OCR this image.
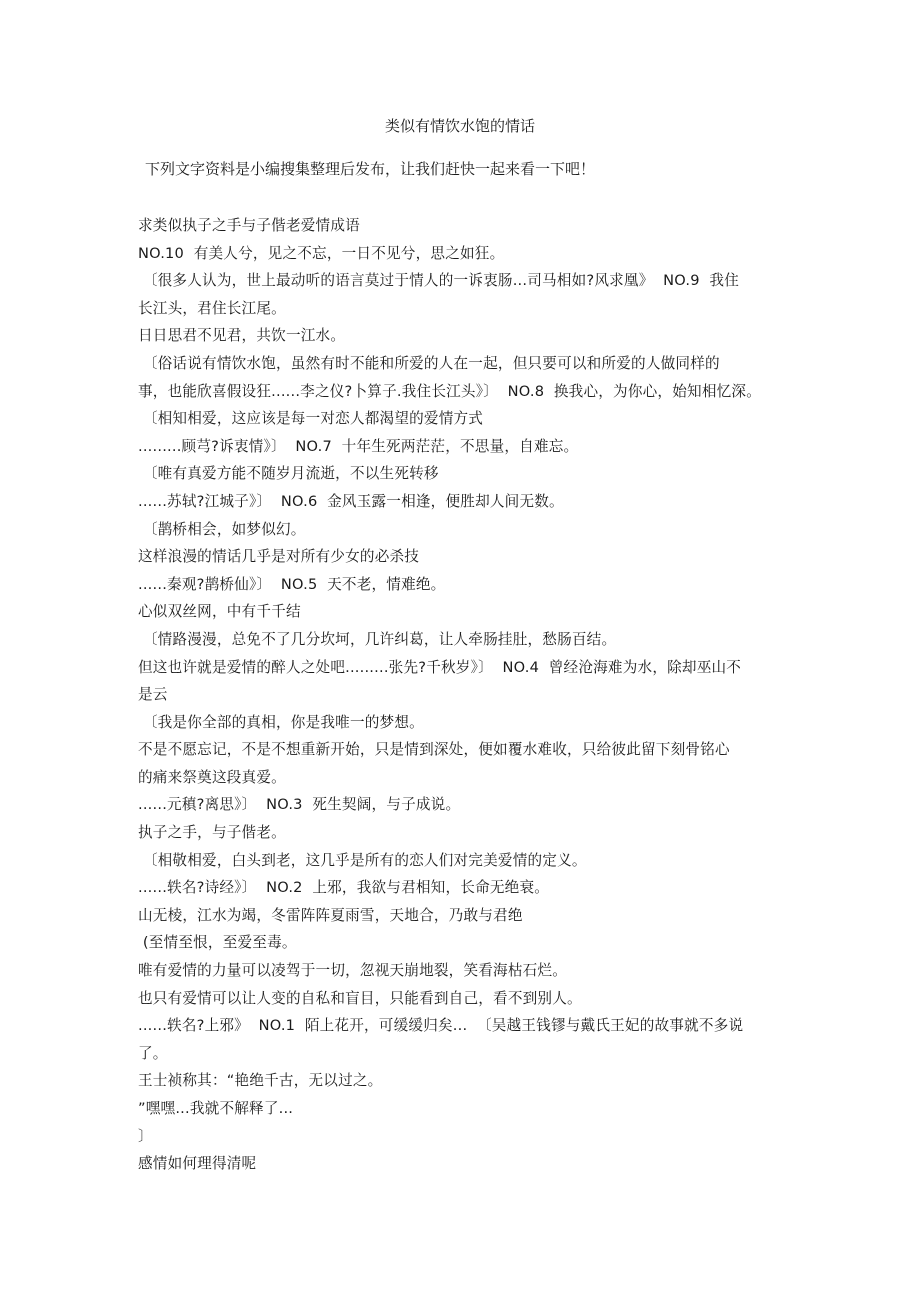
类似有情饮水饱的情话
下列文字资料是小编搜集整理后发布，让我们赶快一起来看一下吧！
求类似执子之手与子偕老爱情成语
NO.10  有美人兮，见之不忘，一日不见兮，思之如狂。
〔很多人认为，世上最动听的语言莫过于情人的一诉衷肠...司马相如?风求凰》  NO.9  我住
长江头，君住长江尾。
日日思君不见君，共饮一江水。
〔俗话说有情饮水饱，虽然有时不能和所爱的人在一起，但只要可以和所爱的人做同样的
事，也能欣喜假设狂......李之仪?卜算子.我住长江头》〕  NO.8  换我心，为你心，始知相忆深。
〔相知相爱，这应该是每一对恋人都渴望的爱情方式
.........顾芎?诉衷情》〕  NO.7  十年生死两茫茫，不思量，自难忘。
〔唯有真爱方能不随岁月流逝，不以生死转移
......苏轼?江城子》〕  NO.6  金风玉露一相逢，便胜却人间无数。
〔鹊桥相会，如梦似幻。
这样浪漫的情话几乎是对所有少女的必杀技
......秦观?鹊桥仙》〕  NO.5  天不老，情难绝。
心似双丝网，中有千千结
〔情路漫漫，总免不了几分坎坷，几许纠葛，让人牵肠挂肚，愁肠百结。
但这也许就是爱情的醉人之处吧.........张先?千秋岁》〕  NO.4  曾经沧海难为水，除却巫山不
是云
〔我是你全部的真相，你是我唯一的梦想。
不是不愿忘记，不是不想重新开始，只是情到深处，便如覆水难收，只给彼此留下刻骨铭心
的痛来祭奠这段真爱。
......元稹?离思》〕  NO.3  死生契阔，与子成说。
执子之手，与子偕老。
〔相敬相爱，白头到老，这几乎是所有的恋人们对完美爱情的定义。
......轶名?诗经》〕  NO.2  上邪，我欲与君相知，长命无绝衰。
山无棱，江水为竭，冬雷阵阵夏雨雪，天地合，乃敢与君绝
(至情至恨，至爱至毒。
唯有爱情的力量可以凌驾于一切，忽视天崩地裂，笑看海枯石烂。
也只有爱情可以让人变的自私和盲目，只能看到自己，看不到别人。
......轶名?上邪》  NO.1  陌上花开，可缓缓归矣...  〔吴越王钱镠与戴氏王妃的故事就不多说
了。
王士祯称其：“艳绝千古，无以过之。
”嘿嘿...我就不解释了...
〕
感情如何理得清呢
